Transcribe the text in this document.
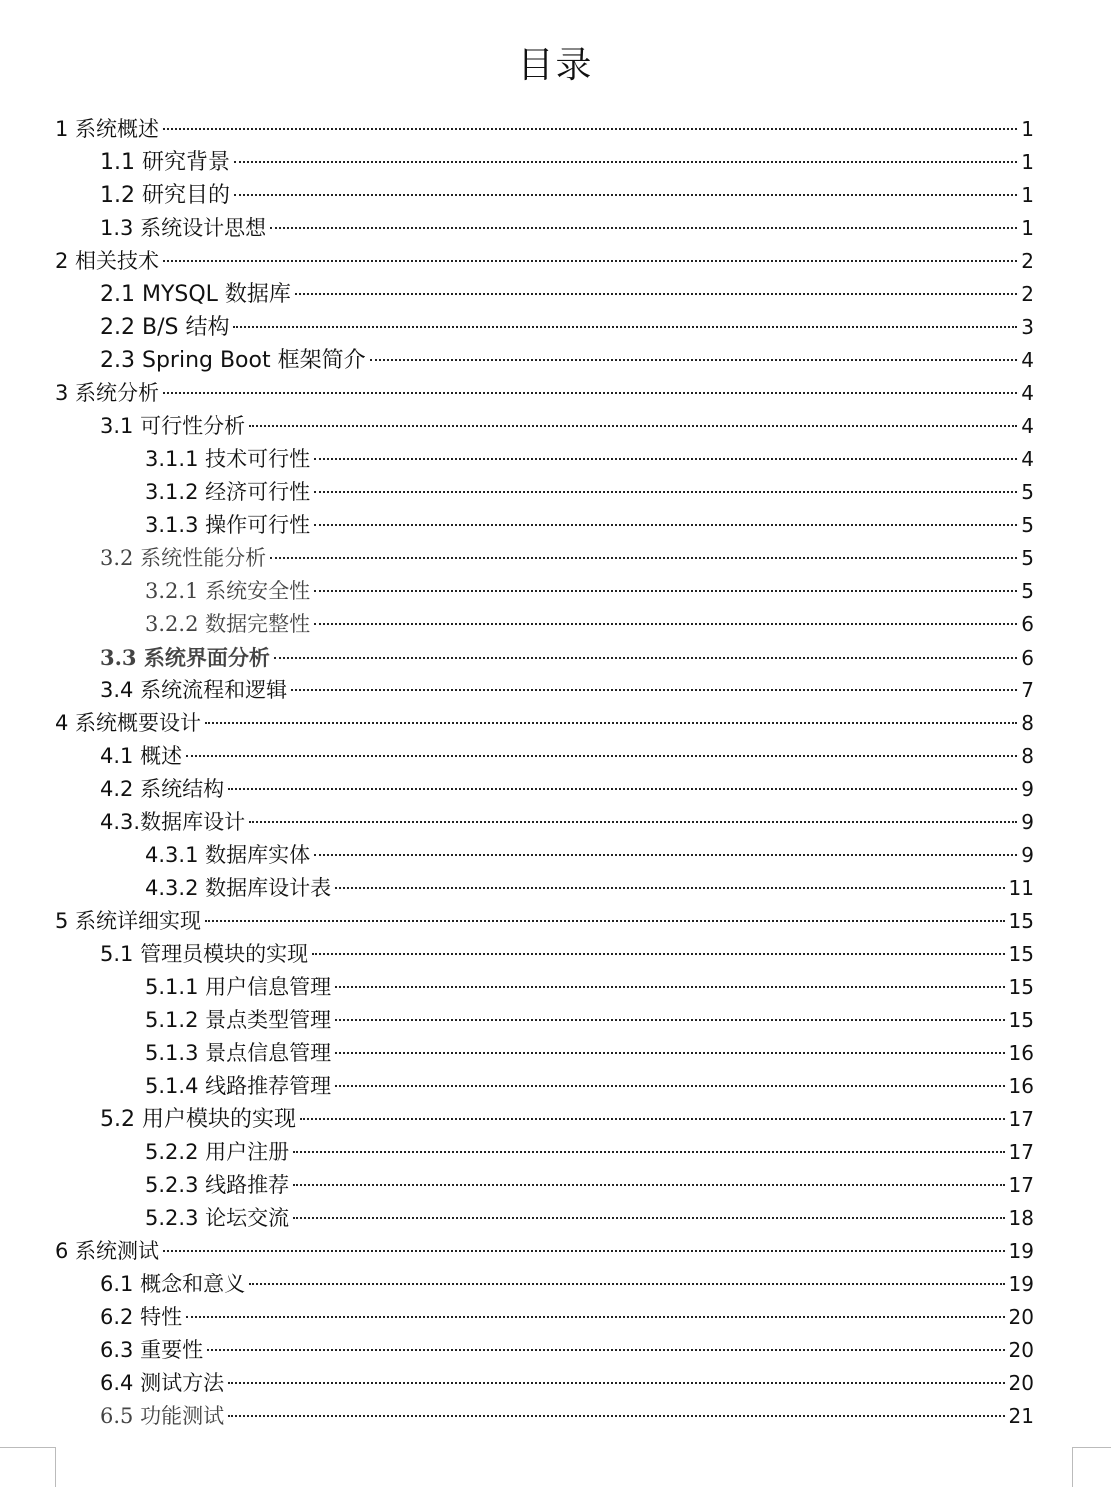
目录
1 系统概述	1
1.1 研究背景	1
1.2 研究目的	1
1.3 系统设计思想	1
2 相关技术	2
2.1 MYSQL 数据库	2
2.2 B/S 结构	3
2.3 Spring Boot 框架简介	4
3 系统分析	4
3.1 可行性分析	4
3.1.1 技术可行性	4
3.1.2 经济可行性	5
3.1.3 操作可行性	5
3.2 系统性能分析	5
3.2.1 系统安全性	5
3.2.2 数据完整性	6
3.3 系统界面分析	6
3.4 系统流程和逻辑	7
4 系统概要设计	8
4.1 概述	8
4.2 系统结构	9
4.3.数据库设计	9
4.3.1 数据库实体	9
4.3.2 数据库设计表	11
5 系统详细实现	15
5.1 管理员模块的实现	15
5.1.1 用户信息管理	15
5.1.2 景点类型管理	15
5.1.3 景点信息管理	16
5.1.4 线路推荐管理	16
5.2 用户模块的实现	17
5.2.2 用户注册	17
5.2.3 线路推荐	17
5.2.3 论坛交流	18
6 系统测试	19
6.1 概念和意义	19
6.2 特性	20
6.3 重要性	20
6.4 测试方法	20
6.5 功能测试	21
